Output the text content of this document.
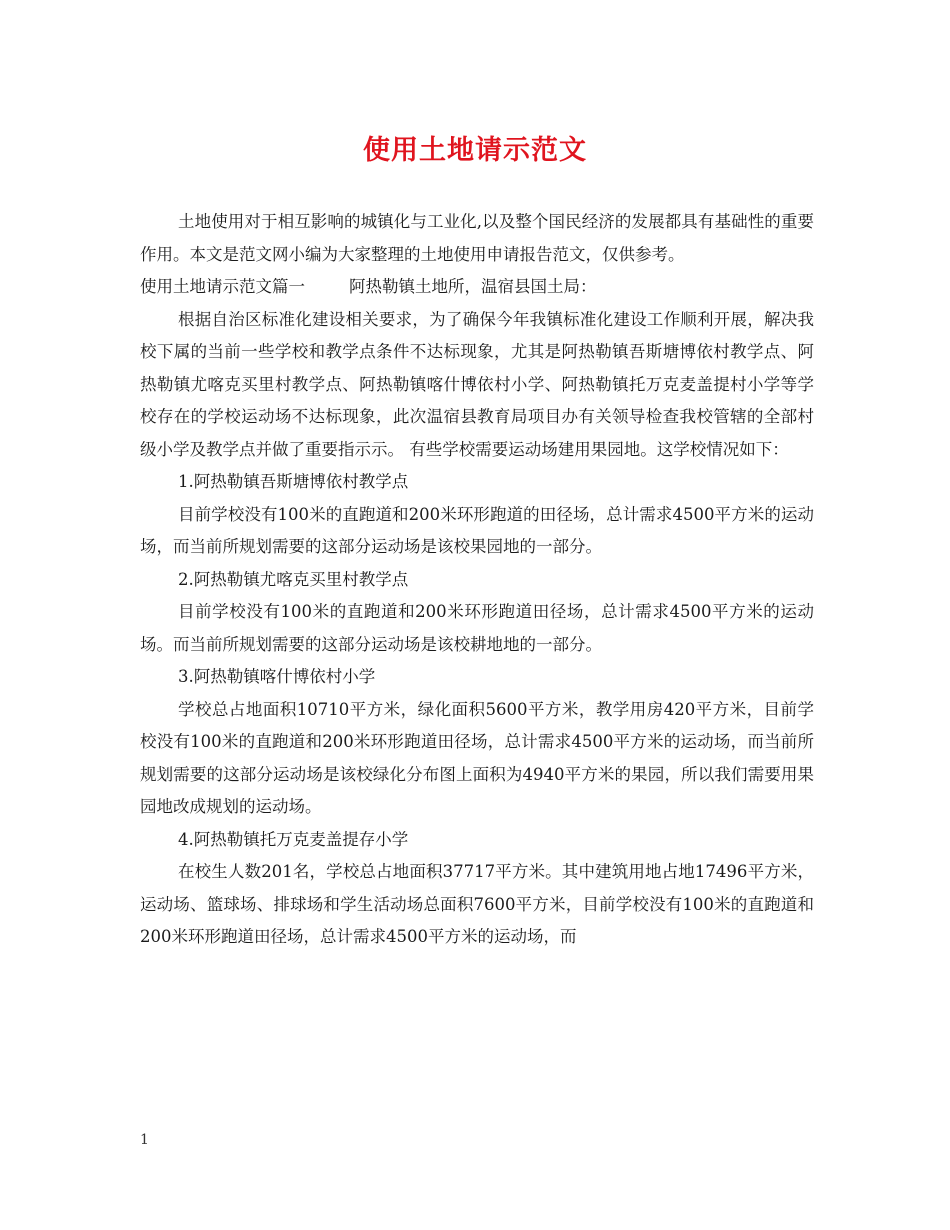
使用土地请示范文

土地使用对于相互影响的城镇化与工业化,以及整个国民经济的发展都具有基础性的重要作用。本文是范文网小编为大家整理的土地使用申请报告范文，仅供参考。

使用土地请示范文篇一	阿热勒镇土地所，温宿县国土局：

根据自治区标准化建设相关要求，为了确保今年我镇标准化建设工作顺利开展，解决我校下属的当前一些学校和教学点条件不达标现象，尤其是阿热勒镇吾斯塘博依村教学点、阿热勒镇尤喀克买里村教学点、阿热勒镇喀什博依村小学、阿热勒镇托万克麦盖提村小学等学校存在的学校运动场不达标现象，此次温宿县教育局项目办有关领导检查我校管辖的全部村级小学及教学点并做了重要指示示。 有些学校需要运动场建用果园地。这学校情况如下：

1.阿热勒镇吾斯塘博依村教学点

目前学校没有100米的直跑道和200米环形跑道的田径场，总计需求4500平方米的运动场，而当前所规划需要的这部分运动场是该校果园地的一部分。

2.阿热勒镇尤喀克买里村教学点

目前学校没有100米的直跑道和200米环形跑道田径场，总计需求4500平方米的运动场。而当前所规划需要的这部分运动场是该校耕地地的一部分。

3.阿热勒镇喀什博依村小学

学校总占地面积10710平方米，绿化面积5600平方米，教学用房420平方米，目前学校没有100米的直跑道和200米环形跑道田径场，总计需求4500平方米的运动场，而当前所规划需要的这部分运动场是该校绿化分布图上面积为4940平方米的果园，所以我们需要用果园地改成规划的运动场。

4.阿热勒镇托万克麦盖提存小学

在校生人数201名，学校总占地面积37717平方米。其中建筑用地占地17496平方米，运动场、篮球场、排球场和学生活动场总面积7600平方米，目前学校没有100米的直跑道和200米环形跑道田径场，总计需求4500平方米的运动场，而

1
